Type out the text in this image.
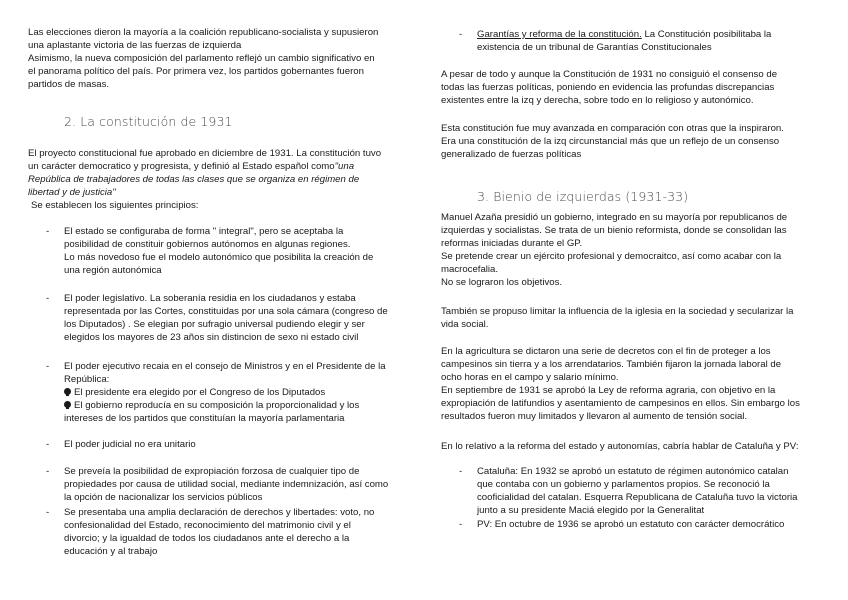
Las elecciones dieron la mayoría a la coalición republicano-socialista y supusieron

una aplastante victoria de las fuerzas de izquierda

Asimismo, la nueva composición del parlamento reflejó un cambio significativo en

el panorama político del país. Por primera vez, los partidos gobernantes fueron

partidos de masas.

2. La constitución de 1931

El proyecto constitucional fue aprobado en diciembre de 1931. La constitución tuvo

un carácter democratico y progresista, y definió al Estado español como"una

República de trabajadores de todas las clases que se organiza en régimen de

libertad y de justicia"

Se establecen los siguientes principios:

- El estado se configuraba de forma " integral", pero se aceptaba la

posibilidad de constituir gobiernos autónomos en algunas regiones.

Lo más novedoso fue el modelo autonómico que posibilita la creación de

una región autonómica

- El poder legislativo. La soberanía residia en los ciudadanos y estaba

representada por las Cortes, constituidas por una sola cámara (congreso de

los Diputados) . Se elegian por sufragio universal pudiendo elegir y ser

elegidos los mayores de 23 años sin distincion de sexo ni estado civil

- El poder ejecutivo recaia en el consejo de Ministros y en el Presidente de la

República:

El presidente era elegido por el Congreso de los Diputados

El gobierno reproducía en su composición la proporcionalidad y los

intereses de los partidos que constituían la mayoría parlamentaria

- El poder judicial no era unitario

- Se preveía la posibilidad de expropiación forzosa de cualquier tipo de

propiedades por causa de utilidad social, mediante indemnización, así como

la opción de nacionalizar los servicios públicos

- Se presentaba una amplia declaración de derechos y libertades: voto, no

confesionalidad del Estado, reconocimiento del matrimonio civil y el

divorcio; y la igualdad de todos los ciudadanos ante el derecho a la

educación y al trabajo

- Garantías y reforma de la constitución. La Constitución posibilitaba la

existencia de un tribunal de Garantías Constitucionales

A pesar de todo y aunque la Constitución de 1931 no consiguió el consenso de

todas las fuerzas políticas, poniendo en evidencia las profundas discrepancias

existentes entre la izq y derecha, sobre todo en lo religioso y autonómico.

Esta constitución fue muy avanzada en comparación con otras que la inspiraron.

Era una constitución de la izq circunstancial más que un reflejo de un consenso

generalizado de fuerzas políticas

3. Bienio de izquierdas (1931-33)

Manuel Azaña presidió un gobierno, integrado en su mayoría por republicanos de

izquierdas y socialistas. Se trata de un bienio reformista, donde se consolidan las

reformas iniciadas durante el GP.

Se pretende crear un ejército profesional y democraitco, así como acabar con la

macrocefalia.

No se lograron los objetivos.

También se propuso limitar la influencia de la iglesia en la sociedad y secularizar la

vida social.

En la agricultura se dictaron una serie de decretos con el fin de proteger a los

campesinos sin tierra y a los arrendatarios. También fijaron la jornada laboral de

ocho horas en el campo y salario mínimo.

En septiembre de 1931 se aprobó la Ley de reforma agraria, con objetivo en la

expropiación de latifundios y asentamiento de campesinos en ellos. Sin embargo los

resultados fueron muy limitados y llevaron al aumento de tensión social.

En lo relativo a la reforma del estado y autonomías, cabría hablar de Cataluña y PV:

- Cataluña: En 1932 se aprobó un estatuto de régimen autonómico catalan

que contaba con un gobierno y parlamentos propios. Se reconoció la

cooficialidad del catalan. Esquerra Republicana de Cataluña tuvo la victoria

junto a su presidente Maciá elegido por la Generalitat

- PV: En octubre de 1936 se aprobó un estatuto con carácter democrático
